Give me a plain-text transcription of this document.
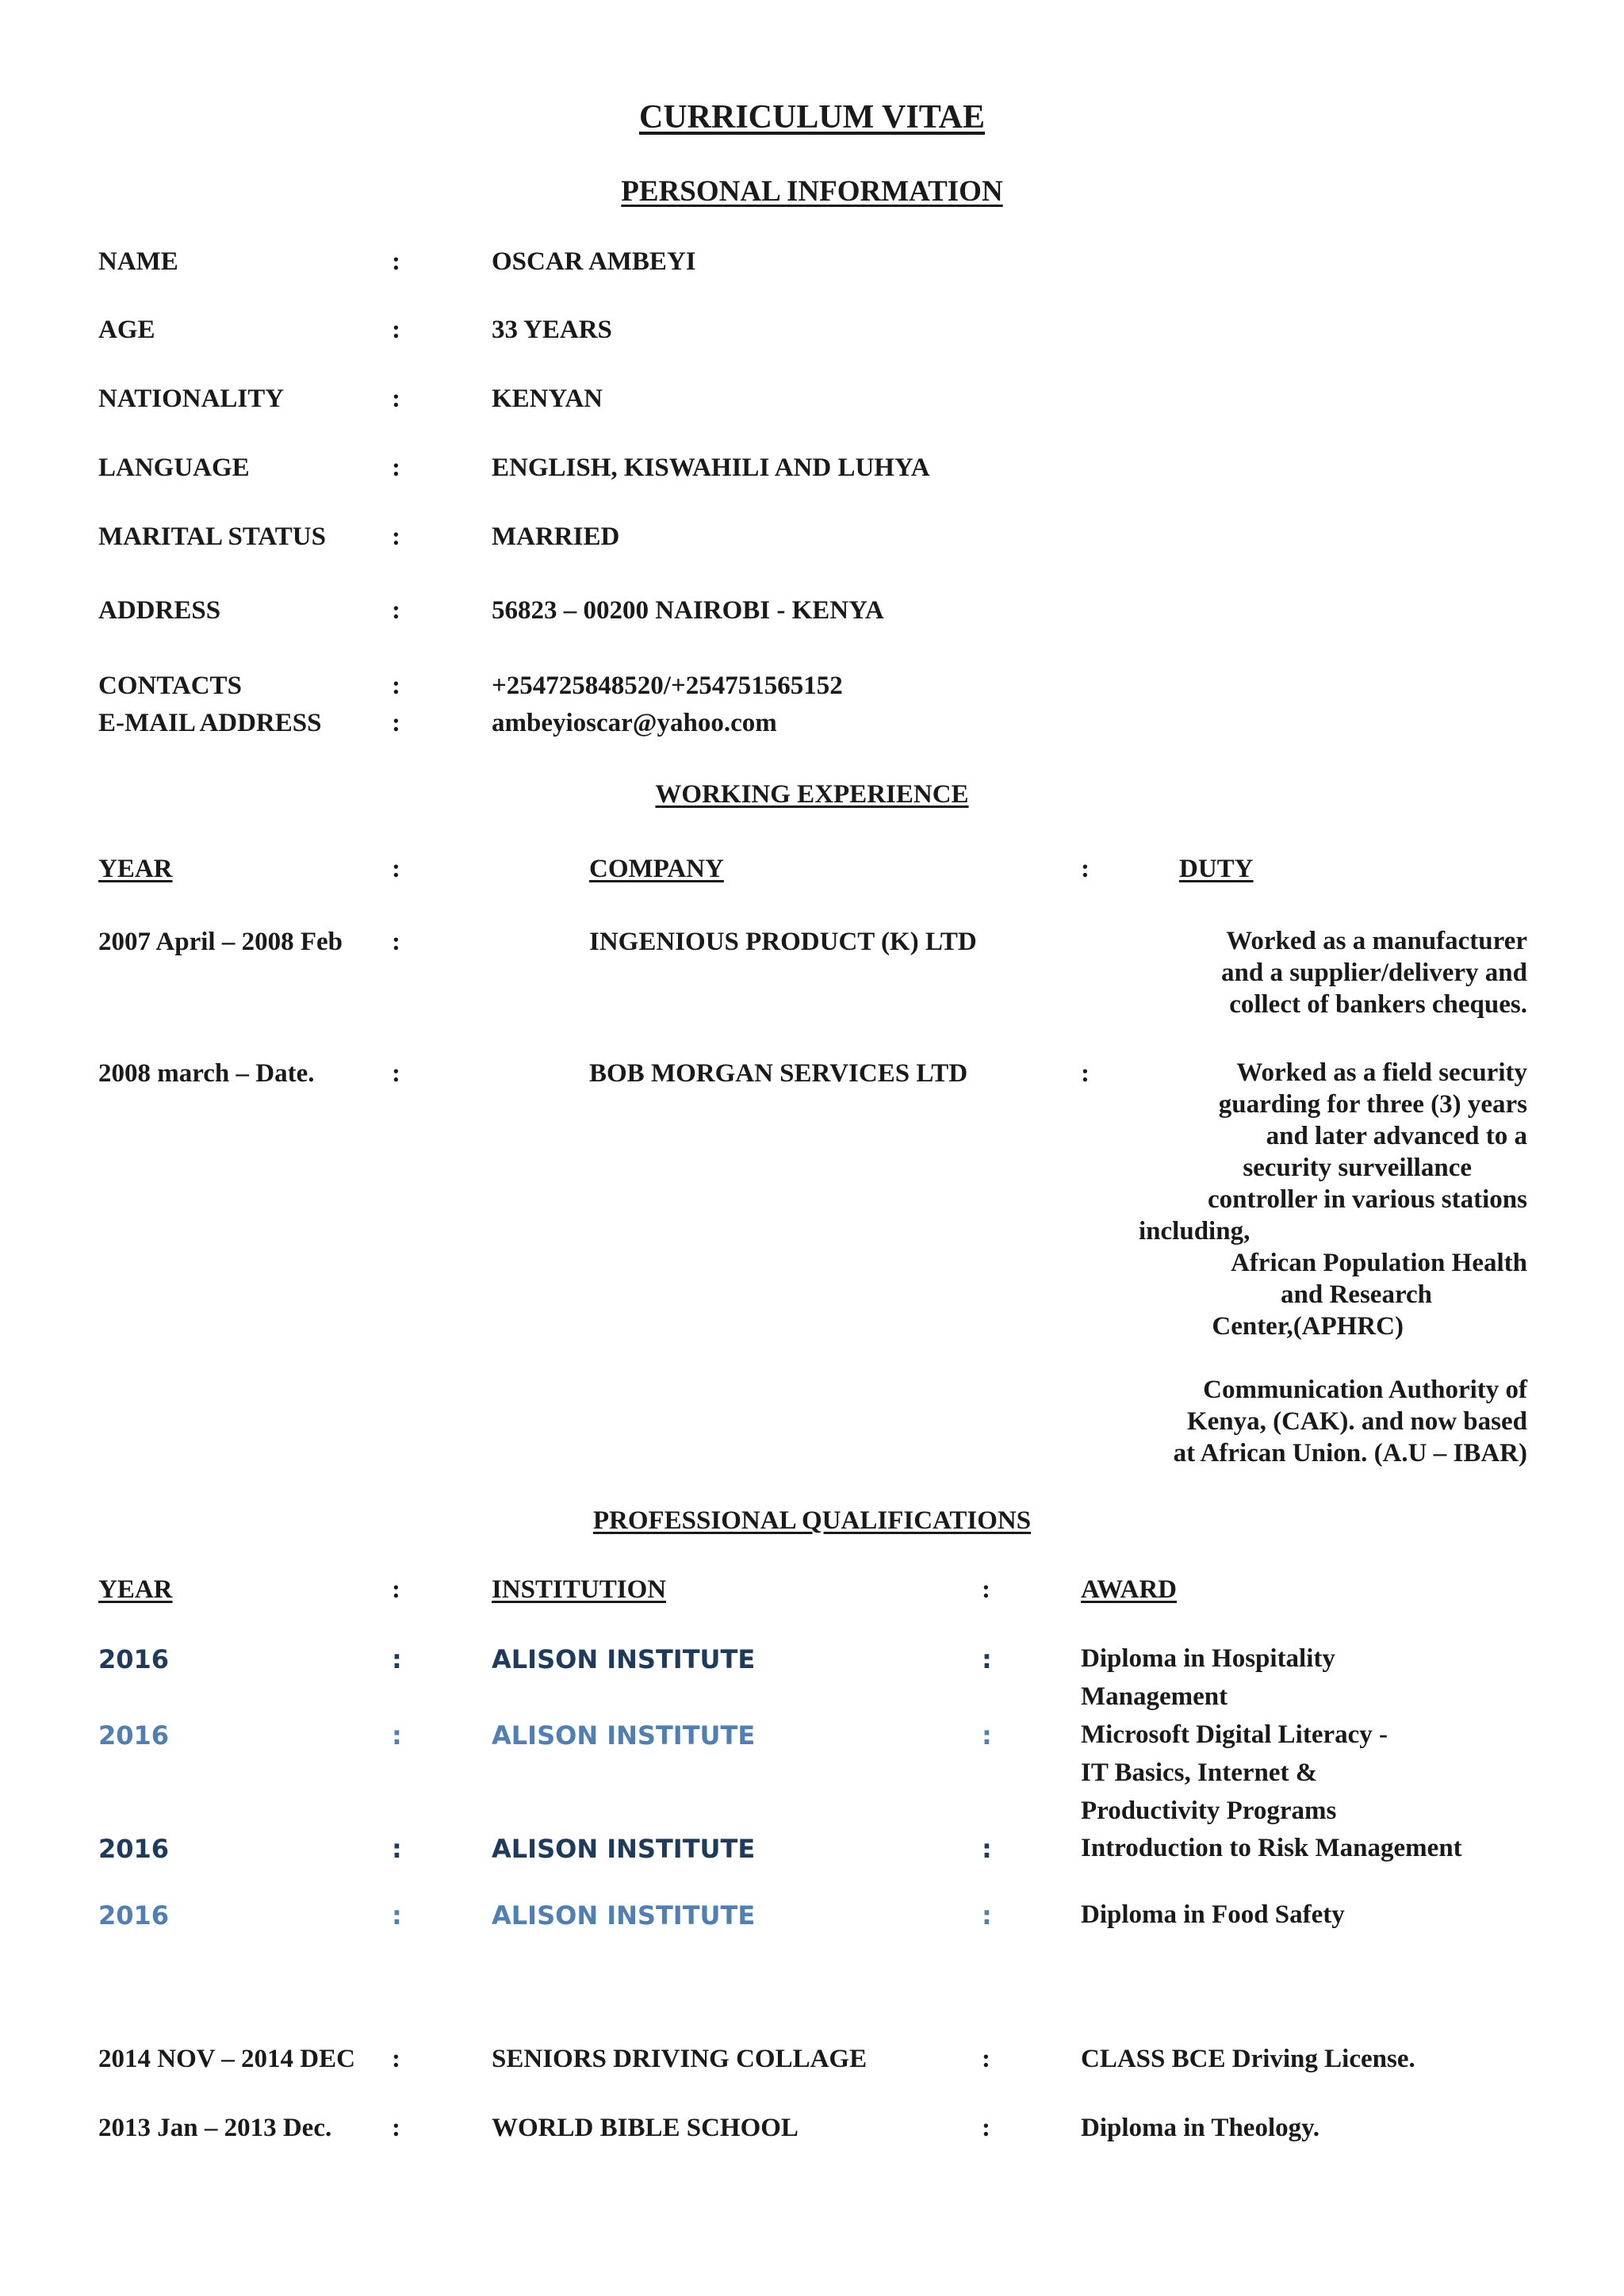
CURRICULUM VITAE
PERSONAL INFORMATION
NAME	:	OSCAR AMBEYI
AGE	:	33 YEARS
NATIONALITY	:	KENYAN
LANGUAGE	:	ENGLISH, KISWAHILI AND LUHYA
MARITAL STATUS	:	MARRIED
ADDRESS	:	56823 – 00200 NAIROBI - KENYA
CONTACTS	:	+254725848520/+254751565152
E-MAIL ADDRESS	:	ambeyioscar@yahoo.com
WORKING EXPERIENCE
YEAR	:	COMPANY	:	DUTY
2007 April – 2008 Feb :	INGENIOUS PRODUCT (K) LTD	Worked as a manufacturer
and a supplier/delivery and
collect of bankers cheques.
2008 march – Date.	:	BOB MORGAN SERVICES LTD	:	Worked as a field security
guarding for three (3) years
and later advanced to a
security surveillance
controller in various stations
including,
African Population Health
and Research
Center,(APHRC)
Communication Authority of
Kenya, (CAK). and now based
at African Union. (A.U – IBAR)
PROFESSIONAL QUALIFICATIONS
YEAR	:	INSTITUTION	:	AWARD
2016	:	ALISON INSTITUTE	:	Diploma in Hospitality Management
2016	:	ALISON INSTITUTE	:	Microsoft Digital Literacy -IT Basics, Internet & Productivity Programs
2016	:	ALISON INSTITUTE	:	Introduction to Risk Management
2016	:	ALISON INSTITUTE	:	Diploma in Food Safety
2014 NOV – 2014 DEC :	SENIORS DRIVING COLLAGE	:	CLASS BCE Driving License.
2013 Jan – 2013 Dec. :	WORLD BIBLE SCHOOL	:	Diploma in Theology.
